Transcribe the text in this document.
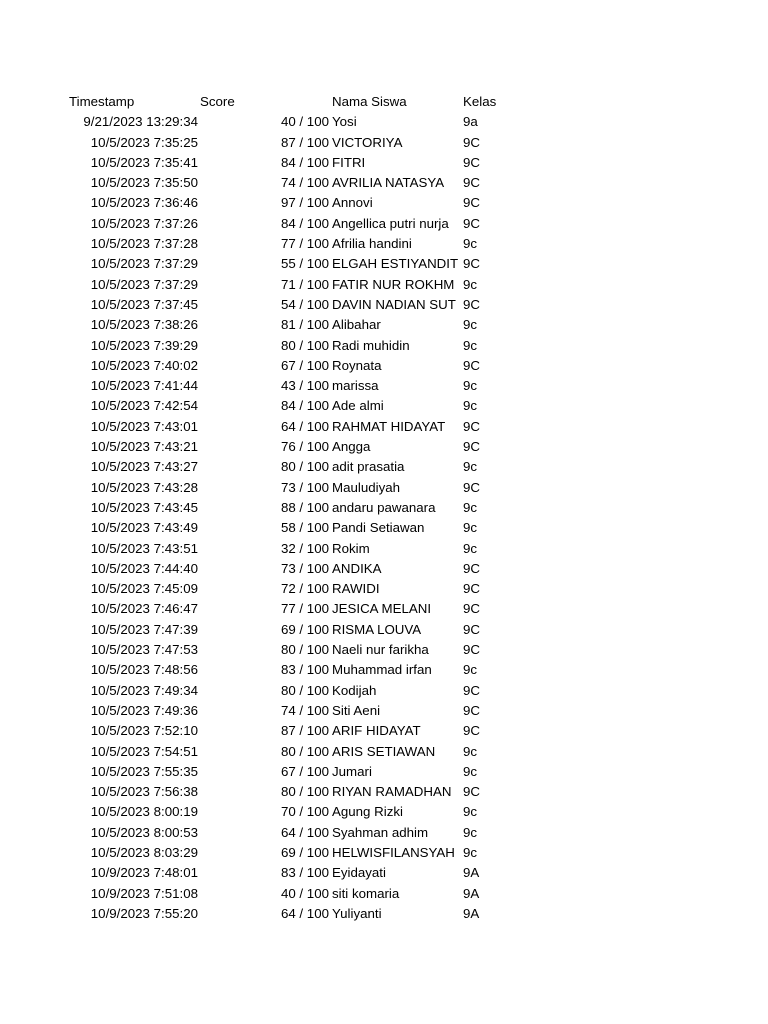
Timestamp	Score	Nama Siswa	Kelas
9/21/2023 13:29:34	40 / 100 Yosi	9a
10/5/2023 7:35:25	87 / 100 VICTORIYA	9C
10/5/2023 7:35:41	84 / 100 FITRI	9C
10/5/2023 7:35:50	74 / 100 AVRILIA NATASYA	9C
10/5/2023 7:36:46	97 / 100 Annovi	9C
10/5/2023 7:37:26	84 / 100 Angellica putri nurja	9C
10/5/2023 7:37:28	77 / 100 Afrilia handini	9c
10/5/2023 7:37:29	55 / 100 ELGAH ESTIYANDIT 9C
10/5/2023 7:37:29	71 / 100 FATIR NUR ROKHM 9c
10/5/2023 7:37:45	54 / 100 DAVIN NADIAN SUT 9C
10/5/2023 7:38:26	81 / 100 Alibahar	9c
10/5/2023 7:39:29	80 / 100 Radi muhidin	9c
10/5/2023 7:40:02	67 / 100 Roynata	9C
10/5/2023 7:41:44	43 / 100 marissa	9c
10/5/2023 7:42:54	84 / 100 Ade almi	9c
10/5/2023 7:43:01	64 / 100 RAHMAT HIDAYAT	9C
10/5/2023 7:43:21	76 / 100 Angga	9C
10/5/2023 7:43:27	80 / 100 adit prasatia	9c
10/5/2023 7:43:28	73 / 100 Mauludiyah	9C
10/5/2023 7:43:45	88 / 100 andaru pawanara	9c
10/5/2023 7:43:49	58 / 100 Pandi Setiawan	9c
10/5/2023 7:43:51	32 / 100 Rokim	9c
10/5/2023 7:44:40	73 / 100 ANDIKA	9C
10/5/2023 7:45:09	72 / 100 RAWIDI	9C
10/5/2023 7:46:47	77 / 100 JESICA MELANI	9C
10/5/2023 7:47:39	69 / 100 RISMA LOUVA	9C
10/5/2023 7:47:53	80 / 100 Naeli nur farikha	9C
10/5/2023 7:48:56	83 / 100 Muhammad irfan	9c
10/5/2023 7:49:34	80 / 100 Kodijah	9C
10/5/2023 7:49:36	74 / 100 Siti Aeni	9C
10/5/2023 7:52:10	87 / 100 ARIF HIDAYAT	9C
10/5/2023 7:54:51	80 / 100 ARIS SETIAWAN	9c
10/5/2023 7:55:35	67 / 100 Jumari	9c
10/5/2023 7:56:38	80 / 100 RIYAN RAMADHAN 9C
10/5/2023 8:00:19	70 / 100 Agung Rizki	9c
10/5/2023 8:00:53	64 / 100 Syahman adhim	9c
10/5/2023 8:03:29	69 / 100 HELWISFILANSYAH 9c
10/9/2023 7:48:01	83 / 100 Eyidayati	9A
10/9/2023 7:51:08	40 / 100 siti komaria	9A
10/9/2023 7:55:20	64 / 100 Yuliyanti	9A
